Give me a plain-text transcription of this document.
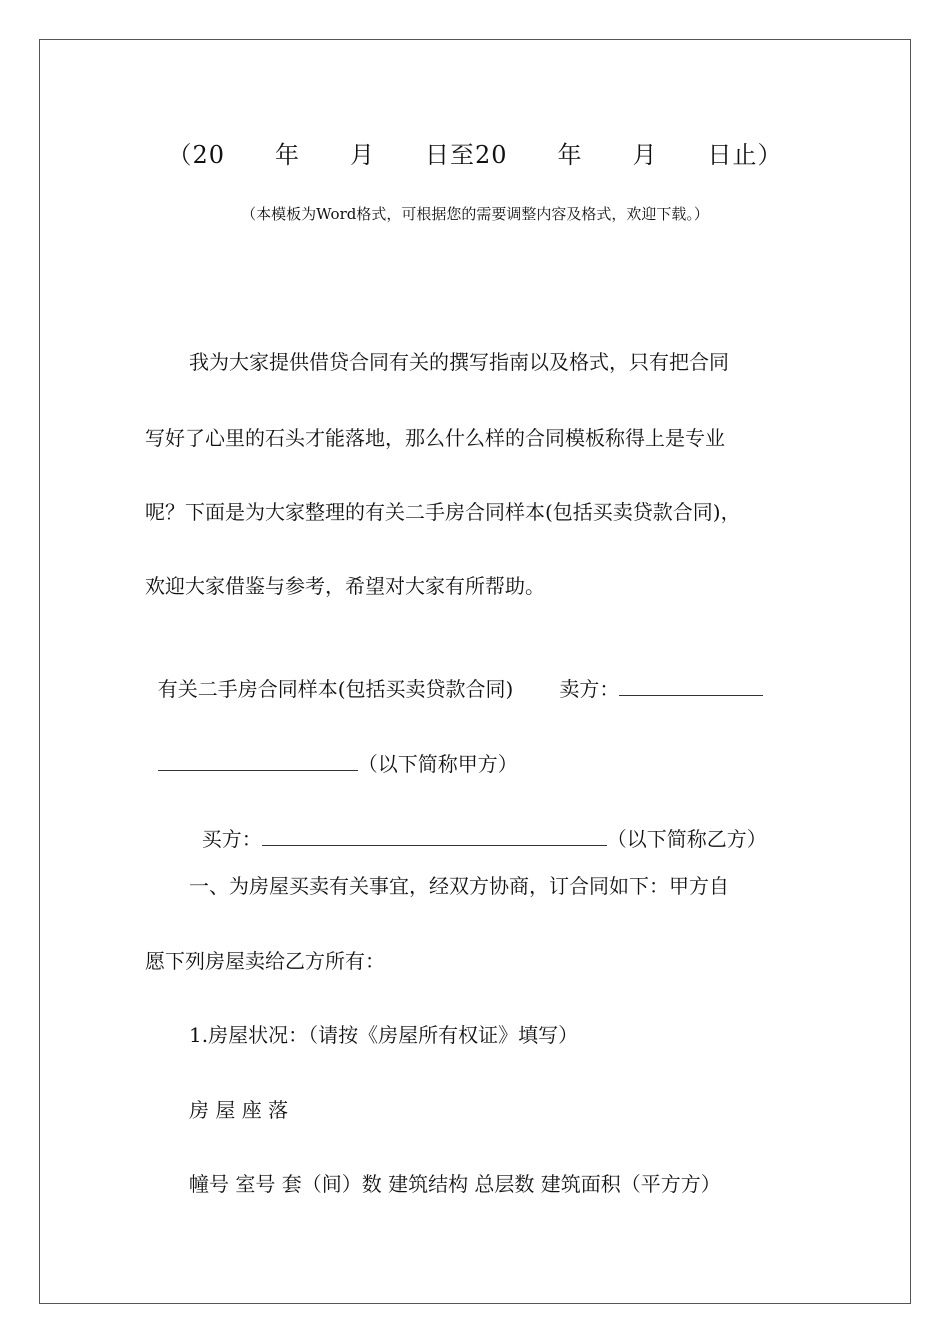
（20　　年　　月　　日至20　　年　　月　　日止）
（本模板为Word格式，可根据您的需要调整内容及格式，欢迎下载。）
我为大家提供借贷合同有关的撰写指南以及格式，只有把合同
写好了心里的石头才能落地，那么什么样的合同模板称得上是专业
呢？下面是为大家整理的有关二手房合同样本(包括买卖贷款合同)，
欢迎大家借鉴与参考，希望对大家有所帮助。

有关二手房合同样本(包括买卖贷款合同) 卖方：

（以下简称甲方）

买方：	（以下简称乙方）

一、为房屋买卖有关事宜，经双方协商，订合同如下：甲方自
愿下列房屋卖给乙方所有：
1.房屋状况：（请按《房屋所有权证》填写）
房 屋 座 落
幢号 室号 套（间）数 建筑结构 总层数 建筑面积（平方方）
